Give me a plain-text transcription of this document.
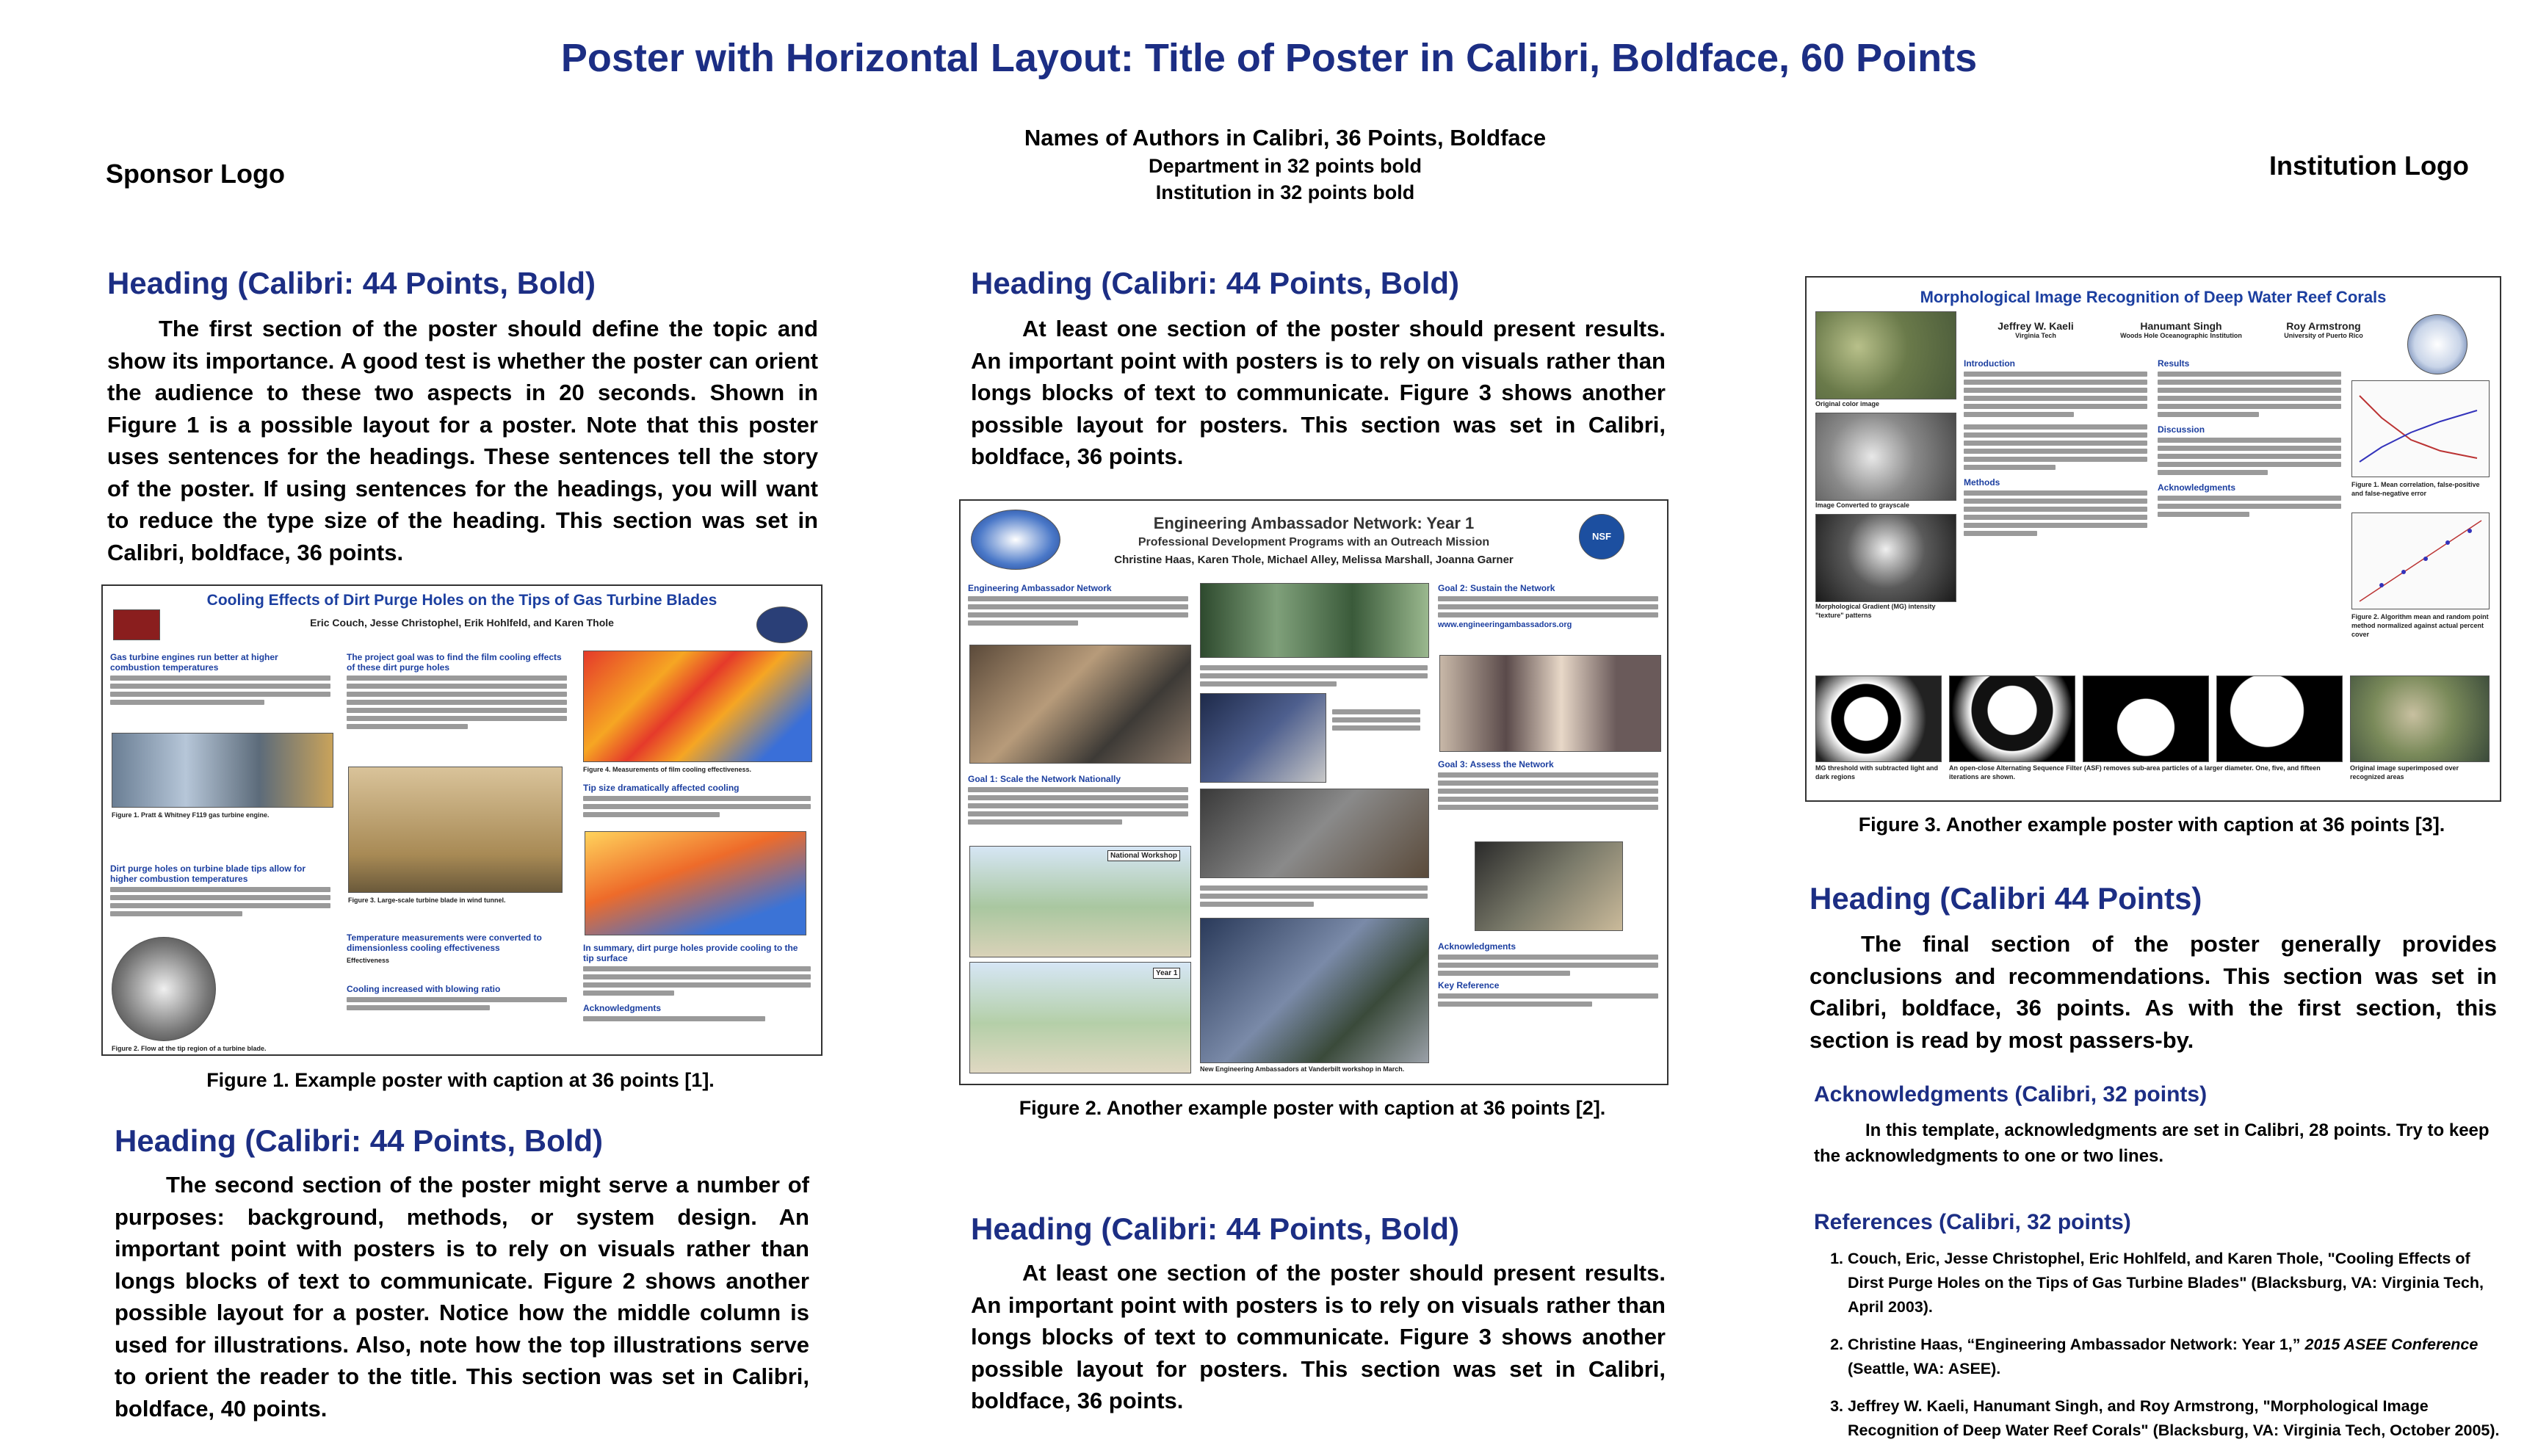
Poster with Horizontal Layout: Title of Poster in Calibri, Boldface, 60 Points
Sponsor Logo	Institution Logo
Names of Authors in Calibri, 36 Points, Boldface
Department in 32 points bold
Institution in 32 points bold
Heading (Calibri: 44 Points, Bold)
The first section of the poster should define the topic and show its importance. A good test is whether the poster can orient the audience to these two aspects in 20 seconds. Shown in Figure 1 is a possible layout for a poster. Note that this poster uses sentences for the headings. These sentences tell the story of the poster. If using sentences for the headings, you will want to reduce the type size of the heading. This section was set in Calibri, boldface, 36 points.
Cooling Effects of Dirt Purge Holes on the Tips of Gas Turbine Blades
Eric Couch, Jesse Christophel, Erik Hohlfeld, and Karen Thole
Gas turbine engines run better at higher combustion temperatures
Figure 1. Pratt & Whitney F119 gas turbine engine.
Dirt purge holes on turbine blade tips allow for higher combustion temperatures
Figure 2. Flow at the tip region of a turbine blade.
The project goal was to find the film cooling effects of these dirt purge holes
Figure 3. Large-scale turbine blade in wind tunnel.
Temperature measurements were converted to dimensionless cooling effectiveness
Effectiveness
Cooling increased with blowing ratio
Figure 4. Measurements of film cooling effectiveness.
Tip size dramatically affected cooling
In summary, dirt purge holes provide cooling to the tip surface
Acknowledgments
Figure 1. Example poster with caption at 36 points [1].
Heading (Calibri: 44 Points, Bold)
The second section of the poster might serve a number of purposes: background, methods, or system design. An important point with posters is to rely on visuals rather than longs blocks of text to communicate. Figure 2 shows another possible layout for a poster. Notice how the middle column is used for illustrations. Also, note how the top illustrations serve to orient the reader to the title. This section was set in Calibri, boldface, 40 points.
Heading (Calibri: 44 Points, Bold)
At least one section of the poster should present results. An important point with posters is to rely on visuals rather than longs blocks of text to communicate. Figure 3 shows another possible layout for posters. This section was set in Calibri, boldface, 36 points.
NSF
Engineering Ambassador Network: Year 1
Professional Development Programs with an Outreach Mission
Christine Haas, Karen Thole, Michael Alley, Melissa Marshall, Joanna Garner
Engineering Ambassador Network
Goal 1: Scale the Network Nationally
National Workshop
Year 1
New Engineering Ambassadors at Vanderbilt workshop in March.
Goal 2: Sustain the Network
www.engineeringambassadors.org
Goal 3: Assess the Network
Acknowledgments
Key Reference
Figure 2. Another example poster with caption at 36 points [2].
Heading (Calibri: 44 Points, Bold)
At least one section of the poster should present results. An important point with posters is to rely on visuals rather than longs blocks of text to communicate. Figure 3 shows another possible layout for posters. This section was set in Calibri, boldface, 36 points.
Morphological Image Recognition of Deep Water Reef Corals
Jeffrey W. Kaeli
Virginia Tech
Hanumant Singh
Woods Hole Oceanographic Institution
Roy Armstrong
University of Puerto Rico
Original color image
Image Converted to grayscale
Morphological Gradient (MG) intensity "texture" patterns
Introduction
Methods
Results
Discussion
Acknowledgments	Figure 1. Mean correlation, false-positive and false-negative error
Figure 2. Algorithm mean and random point method normalized against actual percent cover
MG threshold with subtracted light and dark regions
An open-close Alternating Sequence Filter (ASF) removes sub-area particles of a larger diameter. One, five, and fifteen iterations are shown.
Original image superimposed over recognized areas
Figure 3. Another example poster with caption at 36 points [3].
Heading (Calibri 44 Points)
The final section of the poster generally provides conclusions and recommendations. This section was set in Calibri, boldface, 36 points. As with the first section, this section is read by most passers-by.
Acknowledgments (Calibri, 32 points)
In this template, acknowledgments are set in Calibri, 28 points. Try to keep the acknowledgments to one or two lines.
References (Calibri, 32 points)
1. Couch, Eric, Jesse Christophel, Eric Hohlfeld, and Karen Thole, "Cooling Effects of Dirst Purge Holes on the Tips of Gas Turbine Blades" (Blacksburg, VA: Virginia Tech, April 2003).
2. Christine Haas, “Engineering Ambassador Network: Year 1,” 2015 ASEE Conference (Seattle, WA: ASEE).
3. Jeffrey W. Kaeli, Hanumant Singh, and Roy Armstrong, "Morphological Image Recognition of Deep Water Reef Corals" (Blacksburg, VA: Virginia Tech, October 2005).
